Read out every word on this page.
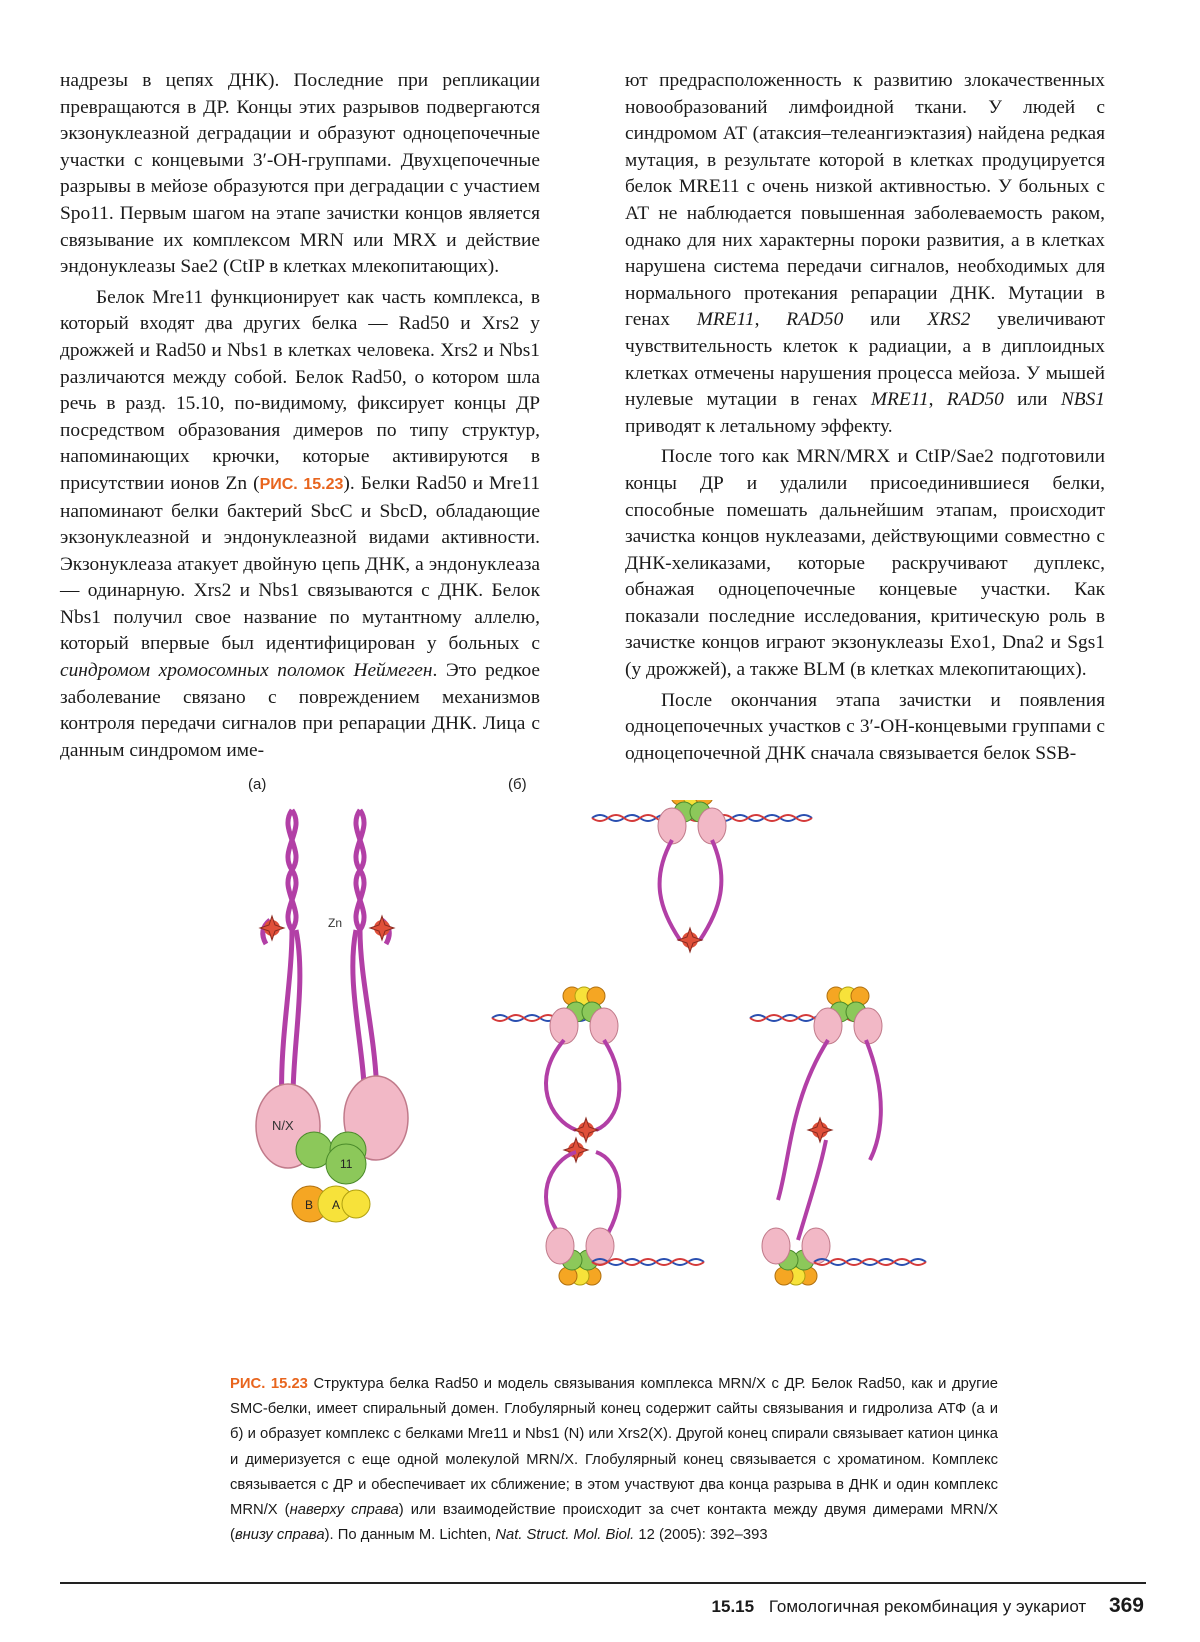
надрезы в цепях ДНК). Последние при репликации превращаются в ДР. Концы этих разрывов подвергаются экзонуклеазной деградации и образуют одноцепочечные участки с концевыми 3′-OH-группами. Двухцепочечные разрывы в мейозе образуются при деградации с участием Spo11. Первым шагом на этапе зачистки концов является связывание их комплексом MRN или MRX и действие эндонуклеазы Sae2 (CtIP в клетках млекопитающих).

Белок Mre11 функционирует как часть комплекса, в который входят два других белка — Rad50 и Xrs2 у дрожжей и Rad50 и Nbs1 в клетках человека. Xrs2 и Nbs1 различаются между собой. Белок Rad50, о котором шла речь в разд. 15.10, по-видимому, фиксирует концы ДР посредством образования димеров по типу структур, напоминающих крючки, которые активируются в присутствии ионов Zn (РИС. 15.23). Белки Rad50 и Mre11 напоминают белки бактерий SbcC и SbcD, обладающие экзонуклеазной и эндонуклеазной видами активности. Экзонуклеаза атакует двойную цепь ДНК, а эндонуклеаза — одинарную. Xrs2 и Nbs1 связываются с ДНК. Белок Nbs1 получил свое название по мутантному аллелю, который впервые был идентифицирован у больных с синдромом хромосомных поломок Неймеген. Это редкое заболевание связано с повреждением механизмов контроля передачи сигналов при репарации ДНК. Лица с данным синдромом име-

ют предрасположенность к развитию злокачественных новообразований лимфоидной ткани. У людей с синдромом АТ (атаксия–телеангиэктазия) найдена редкая мутация, в результате которой в клетках продуцируется белок MRE11 с очень низкой активностью. У больных с АТ не наблюдается повышенная заболеваемость раком, однако для них характерны пороки развития, а в клетках нарушена система передачи сигналов, необходимых для нормального протекания репарации ДНК. Мутации в генах MRE11, RAD50 или XRS2 увеличивают чувствительность клеток к радиации, а в диплоидных клетках отмечены нарушения процесса мейоза. У мышей нулевые мутации в генах MRE11, RAD50 или NBS1 приводят к летальному эффекту.

После того как MRN/MRX и CtIP/Sae2 подготовили концы ДР и удалили присоединившиеся белки, способные помешать дальнейшим этапам, происходит зачистка концов нуклеазами, действующими совместно с ДНК-хеликазами, которые раскручивают дуплекс, обнажая одноцепочечные концевые участки. Как показали последние исследования, критическую роль в зачистке концов играют экзонуклеазы Exo1, Dna2 и Sgs1 (у дрожжей), а также BLM (в клетках млекопитающих).

После окончания этапа зачистки и появления одноцепочечных участков с 3′-OH-концевыми группами с одноцепочечной ДНК сначала связывается белок SSB-

Zn
N/X
11
B A
(а)	(б)
РИС. 15.23 Структура белка Rad50 и модель связывания комплекса MRN/X с ДР. Белок Rad50, как и другие SMC-белки, имеет спиральный домен. Глобулярный конец содержит сайты связывания и гидролиза АТФ (а и б) и образует комплекс с белками Mre11 и Nbs1 (N) или Xrs2(X). Другой конец спирали связывает катион цинка и димеризуется с еще одной молекулой MRN/X. Глобулярный конец связывается с хроматином. Комплекс связывается с ДР и обеспечивает их сближение; в этом участвуют два конца разрыва в ДНК и один комплекс MRN/X (наверху справа) или взаимодействие происходит за счет контакта между двумя димерами MRN/X (внизу справа). По данным M. Lichten, Nat. Struct. Mol. Biol. 12 (2005): 392–393
15.15 Гомологичная рекомбинация у эукариот 369
